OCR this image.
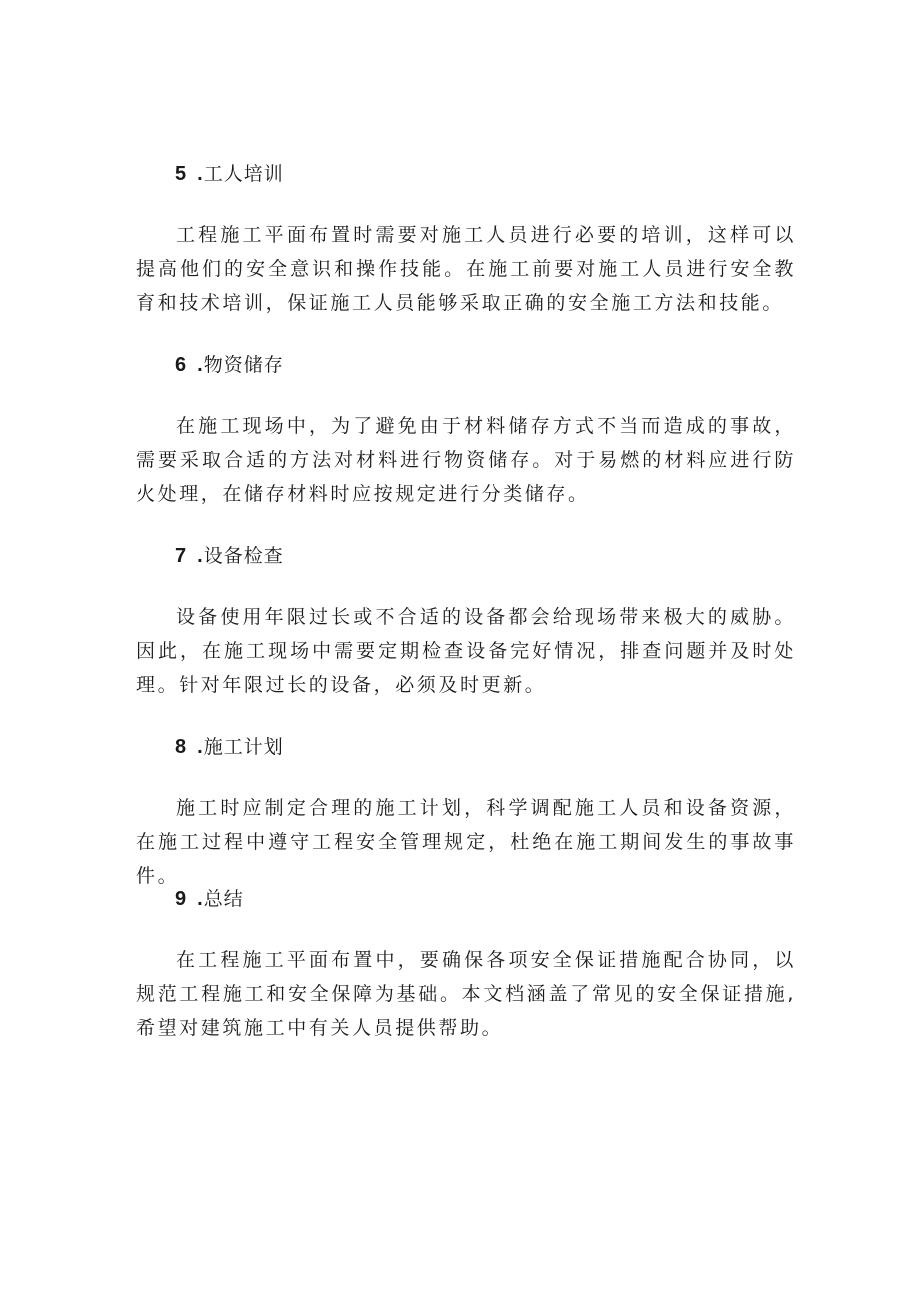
5 . 工人培训
工程施工平面布置时需要对施工人员进行必要的培训，这样可以提高他们的安全意识和操作技能。在施工前要对施工人员进行安全教育和技术培训，保证施工人员能够采取正确的安全施工方法和技能。
6 . 物资储存
在施工现场中，为了避免由于材料储存方式不当而造成的事故，需要采取合适的方法对材料进行物资储存。对于易燃的材料应进行防火处理，在储存材料时应按规定进行分类储存。
7 . 设备检查
设备使用年限过长或不合适的设备都会给现场带来极大的威胁。因此，在施工现场中需要定期检查设备完好情况，排查问题并及时处理。针对年限过长的设备，必须及时更新。
8 . 施工计划
施工时应制定合理的施工计划，科学调配施工人员和设备资源，在施工过程中遵守工程安全管理规定，杜绝在施工期间发生的事故事件。
9 . 总结
在工程施工平面布置中，要确保各项安全保证措施配合协同，以规范工程施工和安全保障为基础。本文档涵盖了常见的安全保证措施,希望对建筑施工中有关人员提供帮助。
